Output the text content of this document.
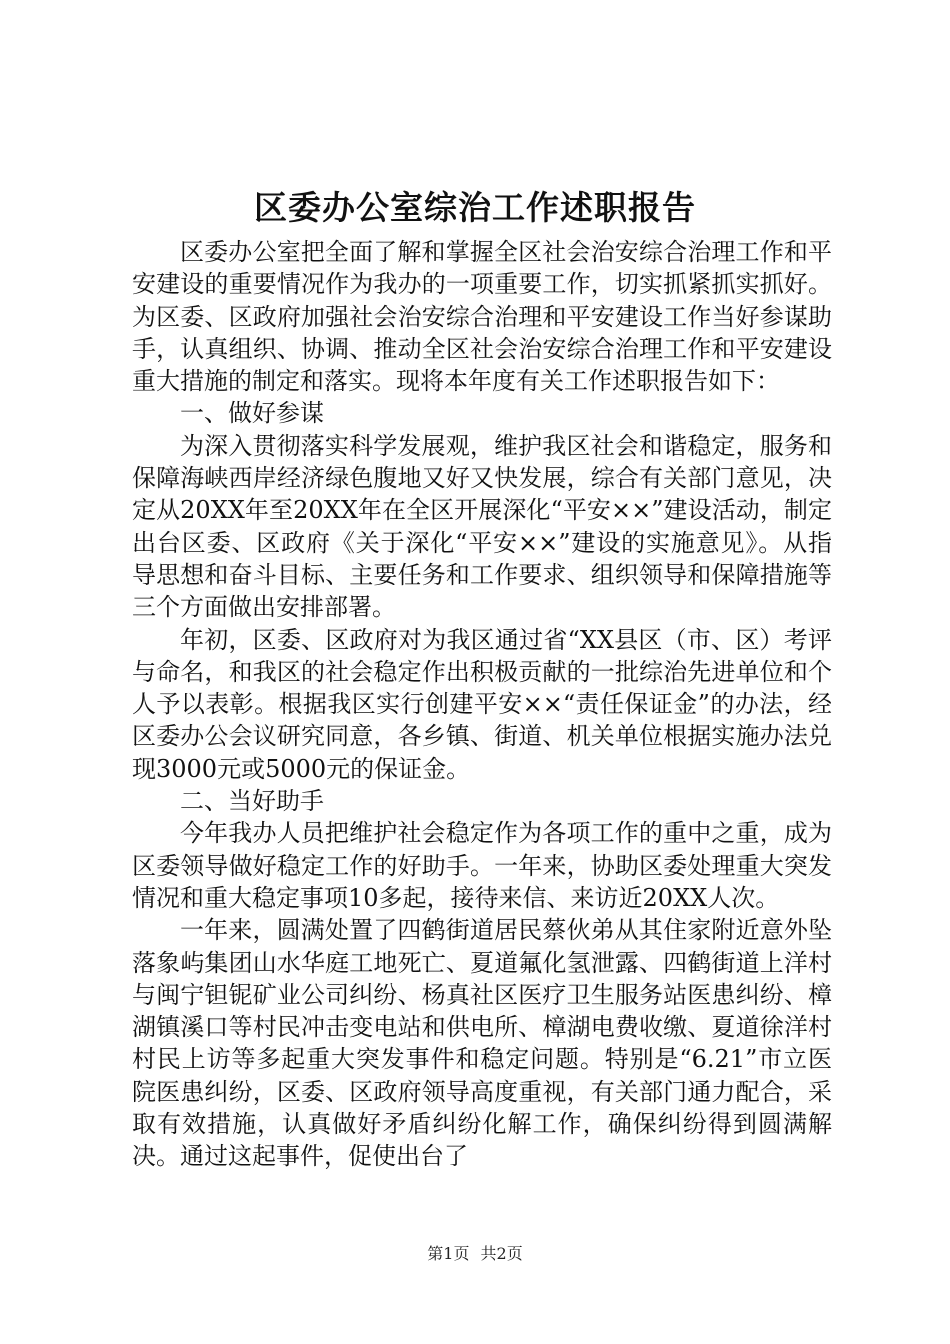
区委办公室综治工作述职报告

区委办公室把全面了解和掌握全区社会治安综合治理工作和平安建设的重要情况作为我办的一项重要工作，切实抓紧抓实抓好。为区委、区政府加强社会治安综合治理和平安建设工作当好参谋助手，认真组织、协调、推动全区社会治安综合治理工作和平安建设重大措施的制定和落实。现将本年度有关工作述职报告如下：

一、做好参谋

为深入贯彻落实科学发展观，维护我区社会和谐稳定，服务和保障海峡西岸经济绿色腹地又好又快发展，综合有关部门意见，决定从20XX年至20XX年在全区开展深化“平安××”建设活动，制定出台区委、区政府《关于深化“平安××”建设的实施意见》。从指导思想和奋斗目标、主要任务和工作要求、组织领导和保障措施等三个方面做出安排部署。

年初，区委、区政府对为我区通过省“XX县区（市、区）考评与命名，和我区的社会稳定作出积极贡献的一批综治先进单位和个人予以表彰。根据我区实行创建平安××“责任保证金”的办法，经区委办公会议研究同意，各乡镇、街道、机关单位根据实施办法兑现3000元或5000元的保证金。

二、当好助手

今年我办人员把维护社会稳定作为各项工作的重中之重，成为区委领导做好稳定工作的好助手。一年来，协助区委处理重大突发情况和重大稳定事项10多起，接待来信、来访近20XX人次。

一年来，圆满处置了四鹤街道居民蔡伙弟从其住家附近意外坠落象屿集团山水华庭工地死亡、夏道氟化氢泄露、四鹤街道上洋村与闽宁钽铌矿业公司纠纷、杨真社区医疗卫生服务站医患纠纷、樟湖镇溪口等村民冲击变电站和供电所、樟湖电费收缴、夏道徐洋村村民上访等多起重大突发事件和稳定问题。特别是“6.21”市立医院医患纠纷，区委、区政府领导高度重视，有关部门通力配合，采取有效措施，认真做好矛盾纠纷化解工作，确保纠纷得到圆满解决。通过这起事件，促使出台了

第1页 共2页
